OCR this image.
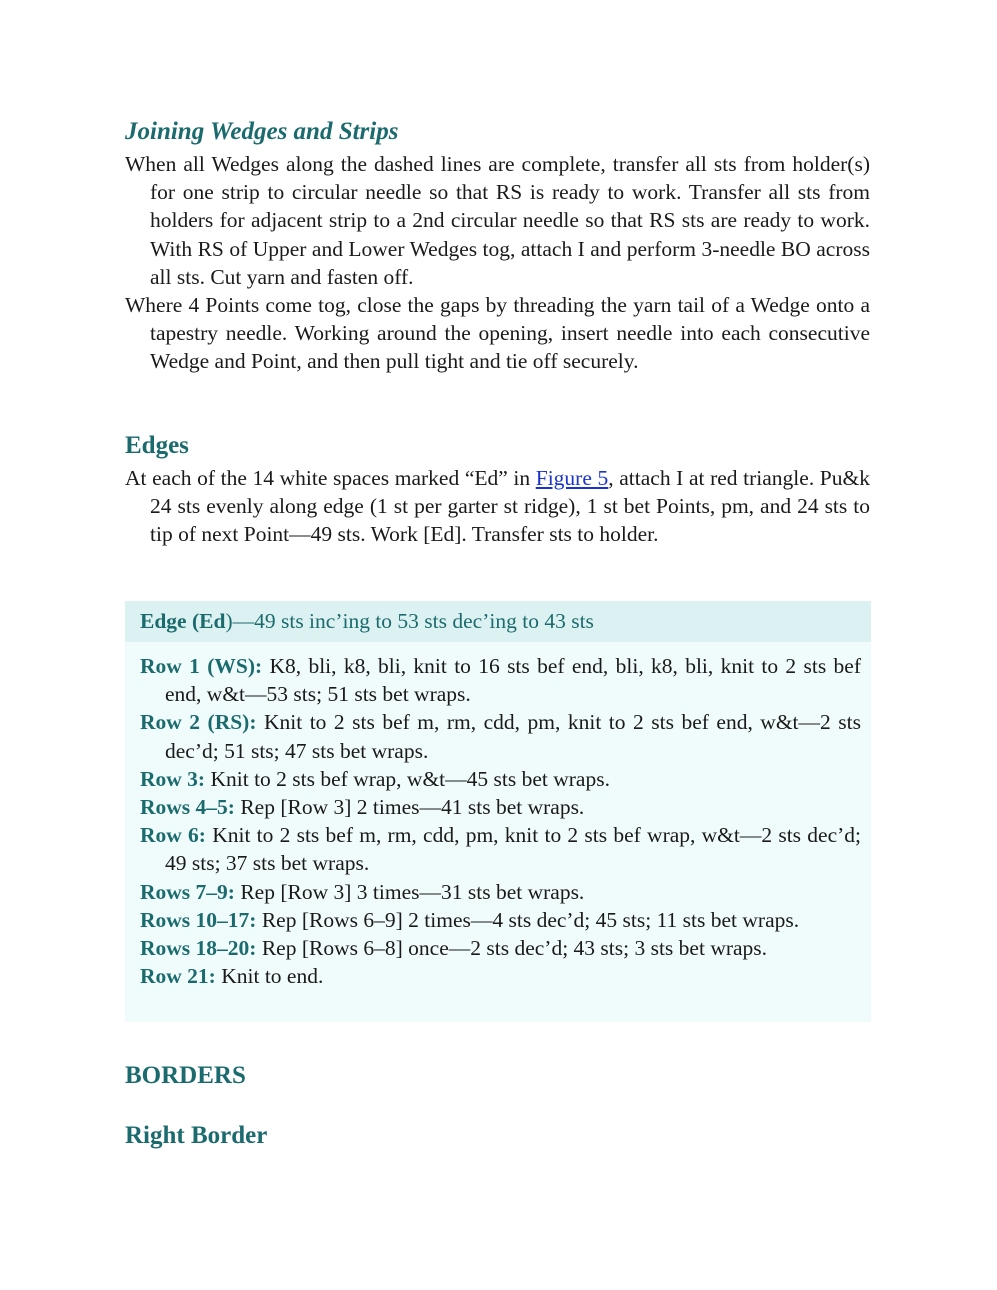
Joining Wedges and Strips

When all Wedges along the dashed lines are complete, transfer all sts from holder(s) for one strip to circular needle so that RS is ready to work. Transfer all sts from holders for adjacent strip to a 2nd circular needle so that RS sts are ready to work. With RS of Upper and Lower Wedges tog, attach I and perform 3-needle BO across all sts. Cut yarn and fasten off.

Where 4 Points come tog, close the gaps by threading the yarn tail of a Wedge onto a tapestry needle. Working around the opening, insert needle into each consecutive Wedge and Point, and then pull tight and tie off securely.

Edges

At each of the 14 white spaces marked “Ed” in Figure 5, attach I at red triangle. Pu&k 24 sts evenly along edge (1 st per garter st ridge), 1 st bet Points, pm, and 24 sts to tip of next Point—49 sts. Work [Ed]. Transfer sts to holder.

Edge (Ed)—49 sts inc’ing to 53 sts dec’ing to 43 sts

Row 1 (WS): K8, bli, k8, bli, knit to 16 sts bef end, bli, k8, bli, knit to 2 sts bef end, w&t—53 sts; 51 sts bet wraps.

Row 2 (RS): Knit to 2 sts bef m, rm, cdd, pm, knit to 2 sts bef end, w&t—2 sts dec’d; 51 sts; 47 sts bet wraps.

Row 3: Knit to 2 sts bef wrap, w&t—45 sts bet wraps.

Rows 4–5: Rep [Row 3] 2 times—41 sts bet wraps.

Row 6: Knit to 2 sts bef m, rm, cdd, pm, knit to 2 sts bef wrap, w&t—2 sts dec’d; 49 sts; 37 sts bet wraps.

Rows 7–9: Rep [Row 3] 3 times—31 sts bet wraps.

Rows 10–17: Rep [Rows 6–9] 2 times—4 sts dec’d; 45 sts; 11 sts bet wraps.

Rows 18–20: Rep [Rows 6–8] once—2 sts dec’d; 43 sts; 3 sts bet wraps.

Row 21: Knit to end.

BORDERS
Right Border
